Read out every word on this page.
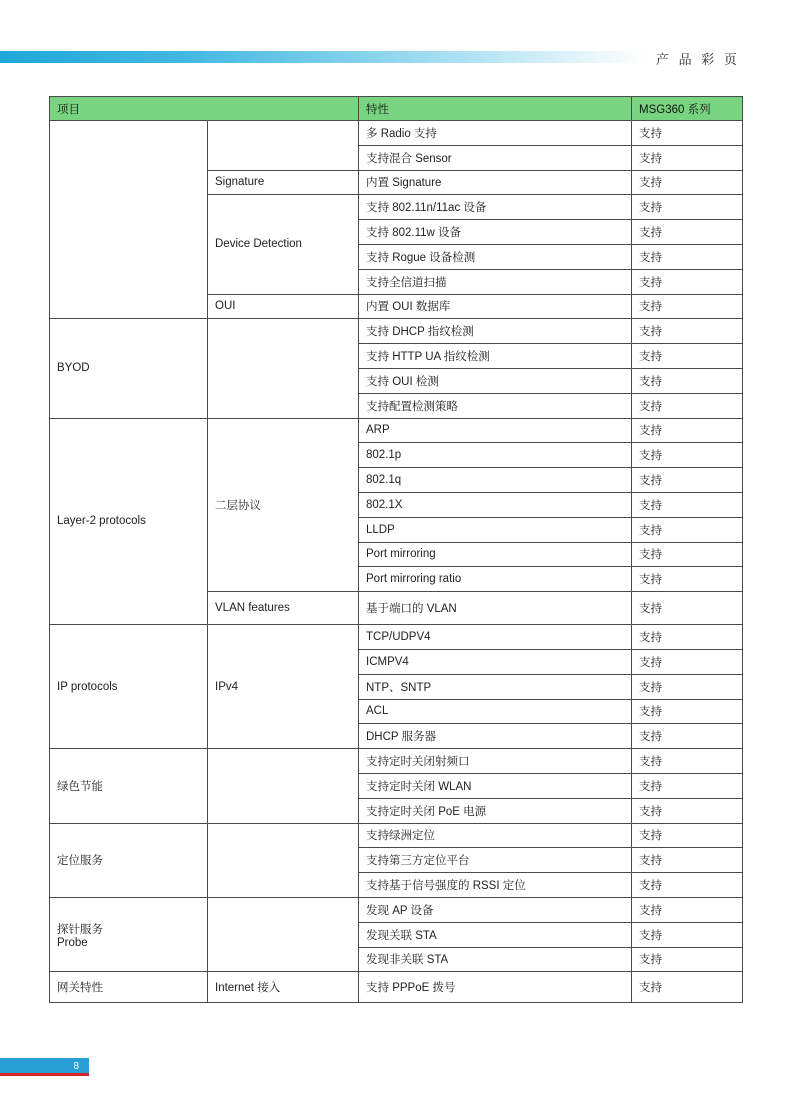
产 品 彩 页
项目		特性	MSG360 系列
		多 Radio 支持	支持
		支持混合 Sensor	支持
	Signature	内置 Signature	支持
	Device Detection	支持 802.11n/11ac 设备	支持
		支持 802.11w 设备	支持
		支持 Rogue 设备检测	支持
		支持全信道扫描	支持
	OUI	内置 OUI 数据库	支持
BYOD		支持 DHCP 指纹检测	支持
		支持 HTTP UA 指纹检测	支持
		支持 OUI 检测	支持
		支持配置检测策略	支持
Layer-2 protocols	二层协议	ARP	支持
		802.1p	支持
		802.1q	支持
		802.1X	支持
		LLDP	支持
		Port mirroring	支持
		Port mirroring ratio	支持
	VLAN features	基于端口的 VLAN	支持
IP protocols	IPv4	TCP/UDPV4	支持
		ICMPV4	支持
		NTP、SNTP	支持
		ACL	支持
		DHCP 服务器	支持
绿色节能		支持定时关闭射频口	支持
		支持定时关闭 WLAN	支持
		支持定时关闭 PoE 电源	支持
定位服务		支持绿洲定位	支持
		支持第三方定位平台	支持
		支持基于信号强度的 RSSI 定位	支持

探针服务
Probe		发现 AP 设备	支持
		发现关联 STA	支持
		发现非关联 STA	支持
网关特性	Internet 接入	支持 PPPoE 拨号	支持
8
